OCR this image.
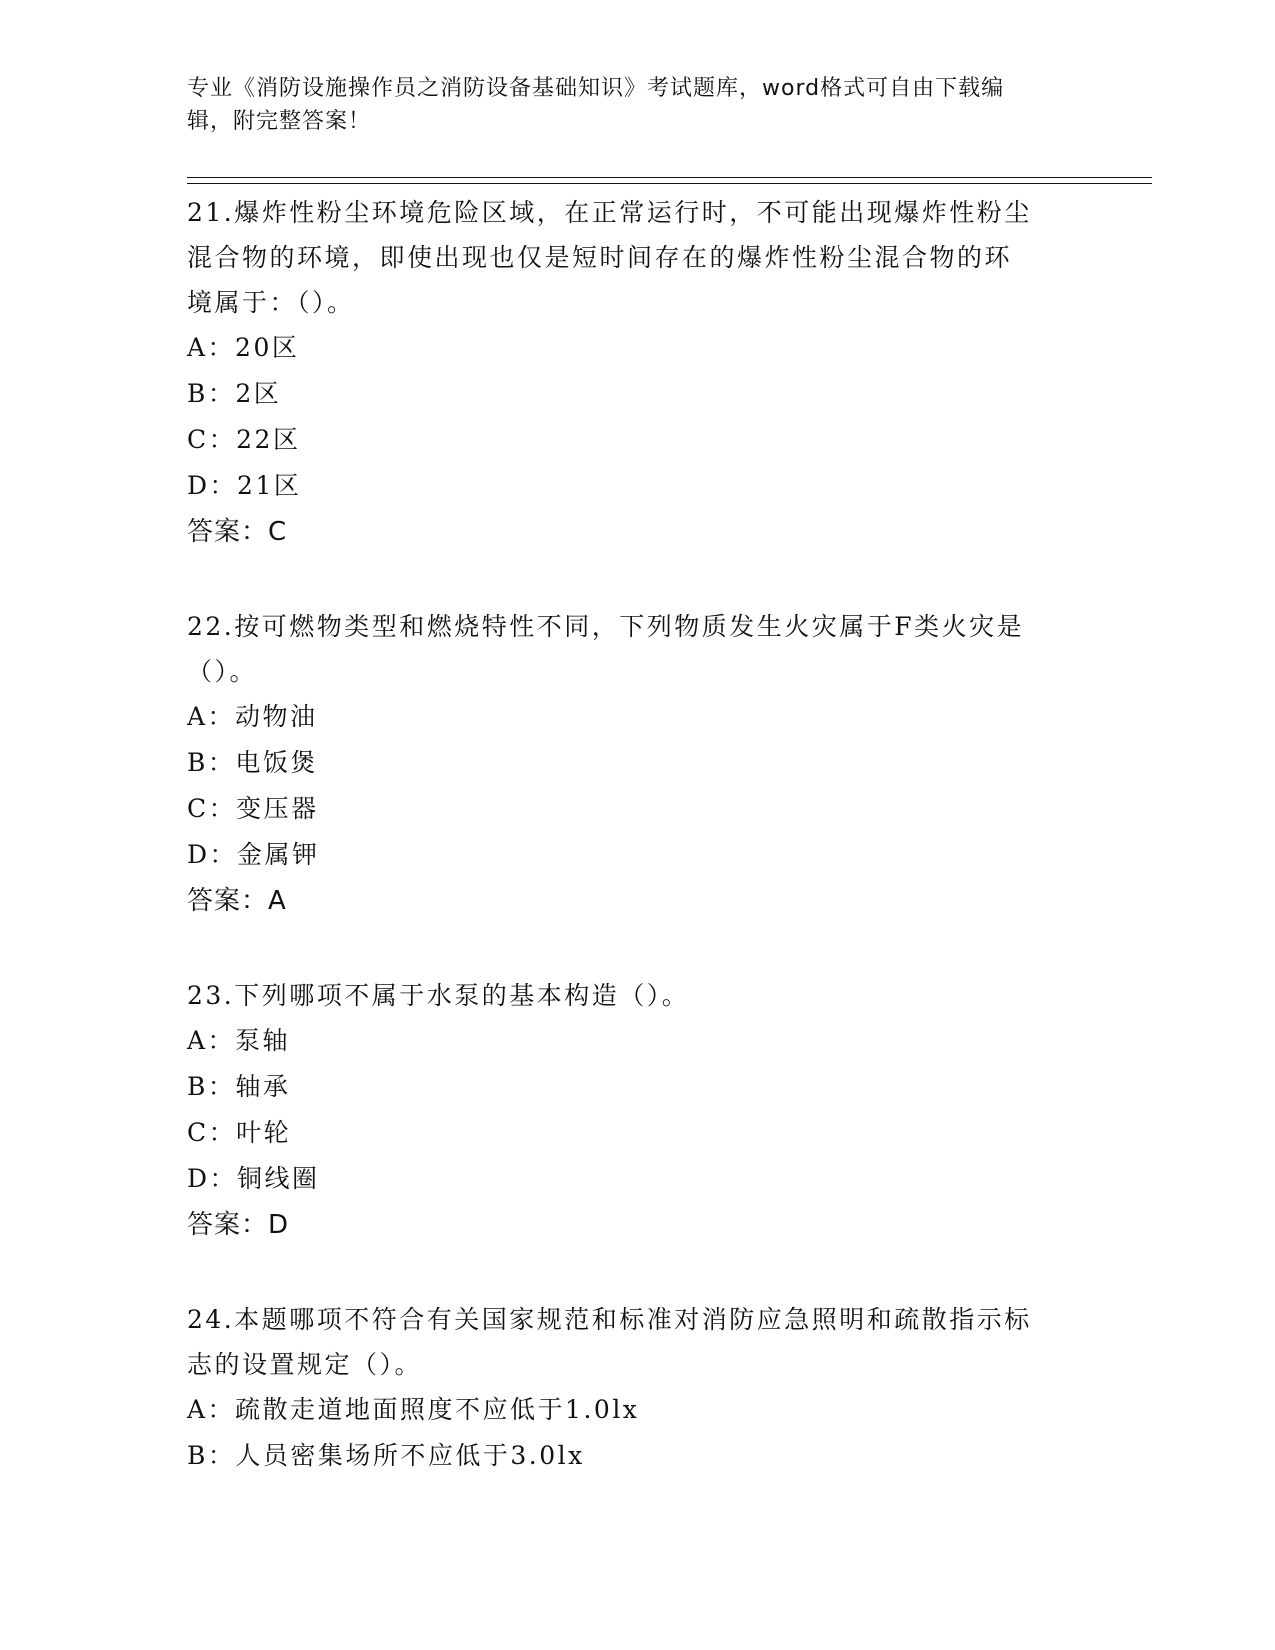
专业《消防设施操作员之消防设备基础知识》考试题库，word格式可自由下载编
辑，附完整答案！

21.爆炸性粉尘环境危险区域，在正常运行时，不可能出现爆炸性粉尘

混合物的环境，即使出现也仅是短时间存在的爆炸性粉尘混合物的环

境属于：（）。

A：20区

B：2区

C：22区

D：21区

答案：C

22.按可燃物类型和燃烧特性不同，下列物质发生火灾属于F类火灾是

（）。

A：动物油

B：电饭煲

C：变压器

D：金属钾

答案：A

23.下列哪项不属于水泵的基本构造（）。

A：泵轴

B：轴承

C：叶轮

D：铜线圈

答案：D

24.本题哪项不符合有关国家规范和标准对消防应急照明和疏散指示标

志的设置规定（）。

A：疏散走道地面照度不应低于1.0lx

B：人员密集场所不应低于3.0lx
